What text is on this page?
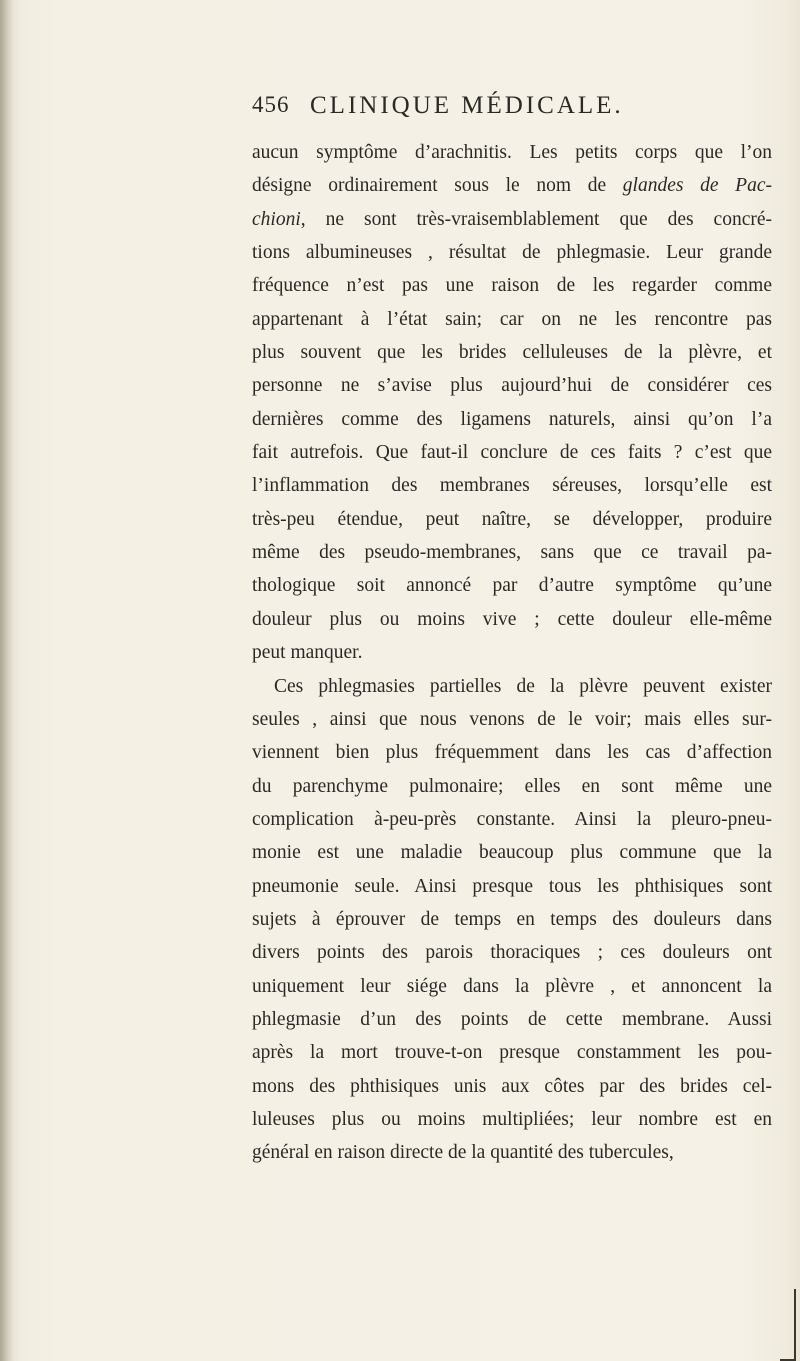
456 CLINIQUE MÉDICALE.
aucun symptôme d’arachnitis. Les petits corps que l’on
désigne ordinairement sous le nom de glandes de Pac-
chioni, ne sont très-vraisemblablement que des concré-
tions albumineuses , résultat de phlegmasie. Leur grande
fréquence n’est pas une raison de les regarder comme
appartenant à l’état sain; car on ne les rencontre pas
plus souvent que les brides celluleuses de la plèvre, et
personne ne s’avise plus aujourd’hui de considérer ces
dernières comme des ligamens naturels, ainsi qu’on l’a
fait autrefois. Que faut-il conclure de ces faits ? c’est que
l’inflammation des membranes séreuses, lorsqu’elle est
très-peu étendue, peut naître, se développer, produire
même des pseudo-membranes, sans que ce travail pa-
thologique soit annoncé par d’autre symptôme qu’une
douleur plus ou moins vive ; cette douleur elle-même
peut manquer.
Ces phlegmasies partielles de la plèvre peuvent exister
seules , ainsi que nous venons de le voir; mais elles sur-
viennent bien plus fréquemment dans les cas d’affection
du parenchyme pulmonaire; elles en sont même une
complication à-peu-près constante. Ainsi la pleuro-pneu-
monie est une maladie beaucoup plus commune que la
pneumonie seule. Ainsi presque tous les phthisiques sont
sujets à éprouver de temps en temps des douleurs dans
divers points des parois thoraciques ; ces douleurs ont
uniquement leur siége dans la plèvre , et annoncent la
phlegmasie d’un des points de cette membrane. Aussi
après la mort trouve-t-on presque constamment les pou-
mons des phthisiques unis aux côtes par des brides cel-
luleuses plus ou moins multipliées; leur nombre est en
général en raison directe de la quantité des tubercules,
